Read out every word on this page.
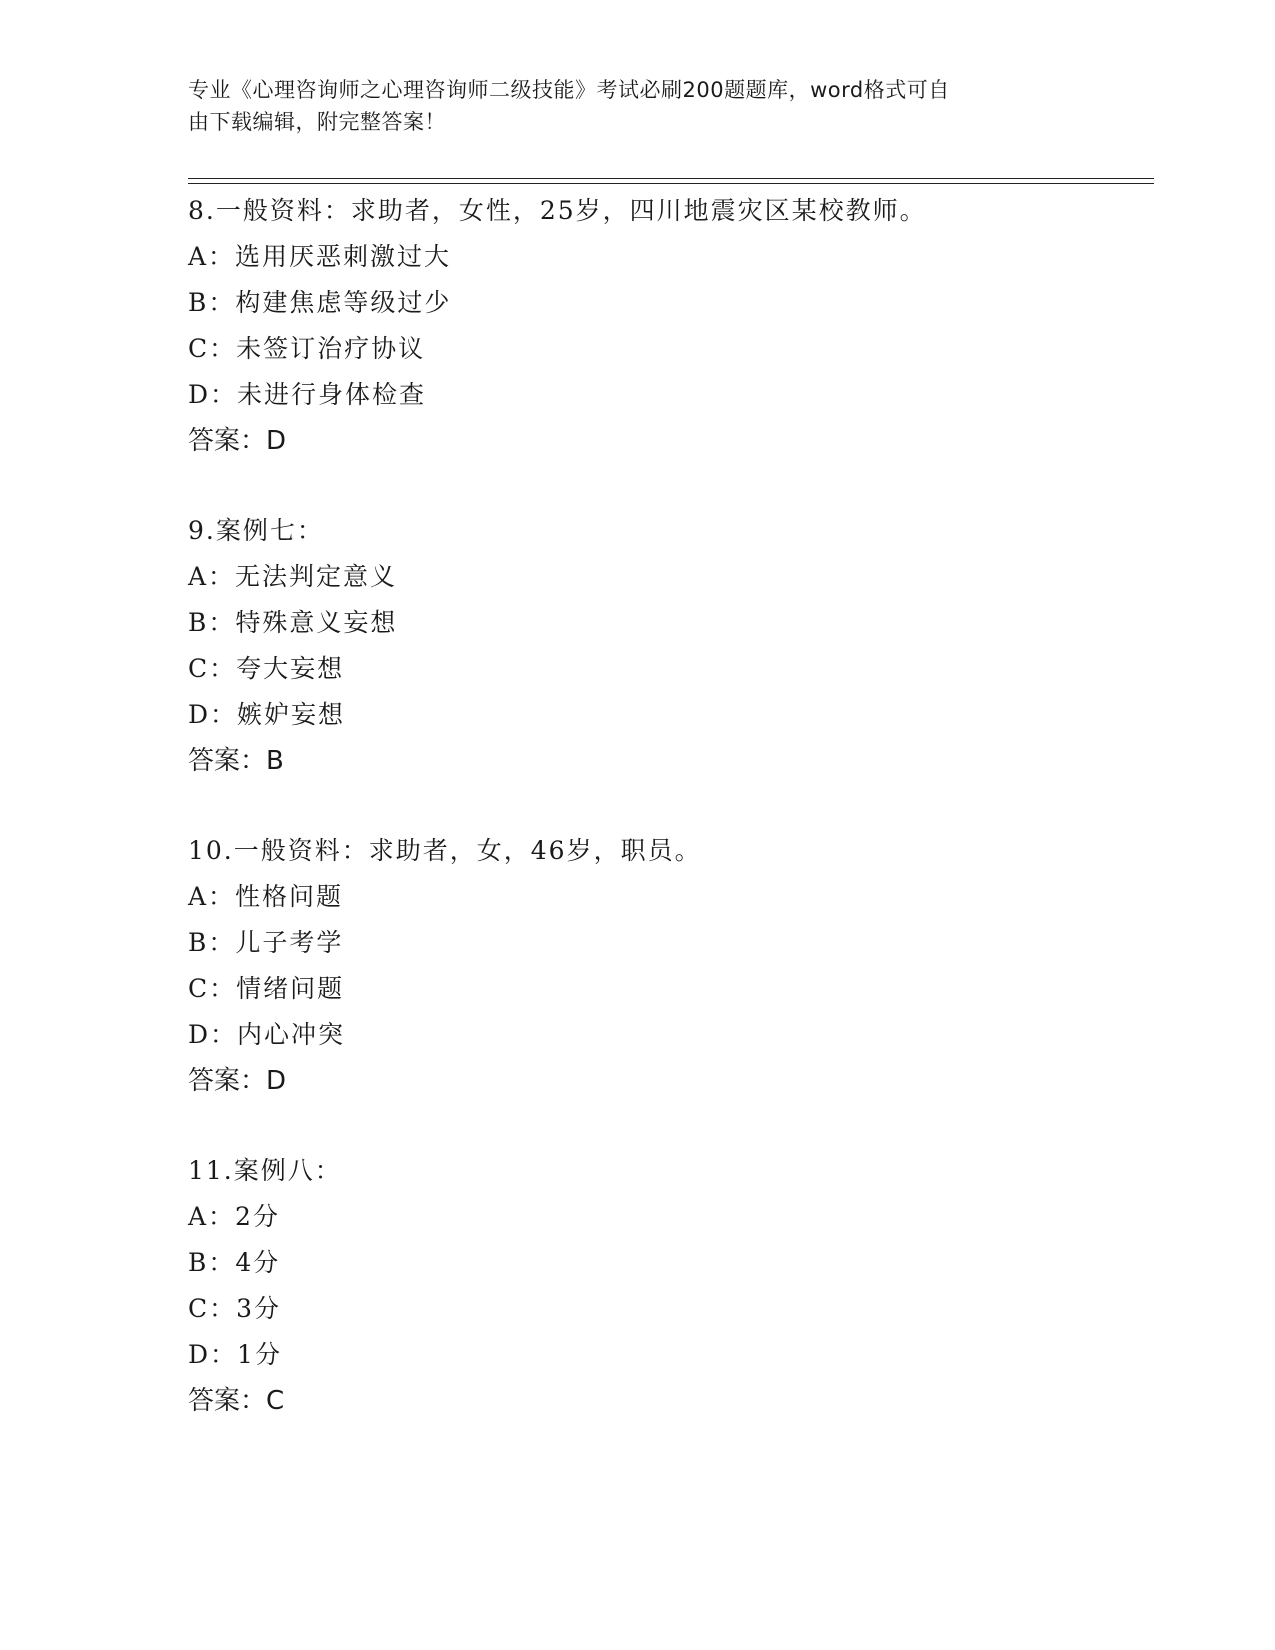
专业《心理咨询师之心理咨询师二级技能》考试必刷200题题库，word格式可自

由下载编辑，附完整答案！

8.一般资料：求助者，女性，25岁，四川地震灾区某校教师。
A：选用厌恶刺激过大
B：构建焦虑等级过少
C：未签订治疗协议
D：未进行身体检查
答案：D
9.案例七：
A：无法判定意义
B：特殊意义妄想
C：夸大妄想
D：嫉妒妄想
答案：B
10.一般资料：求助者，女，46岁，职员。
A：性格问题
B：儿子考学
C：情绪问题
D：内心冲突
答案：D
11.案例八：
A：2分
B：4分
C：3分
D：1分
答案：C
